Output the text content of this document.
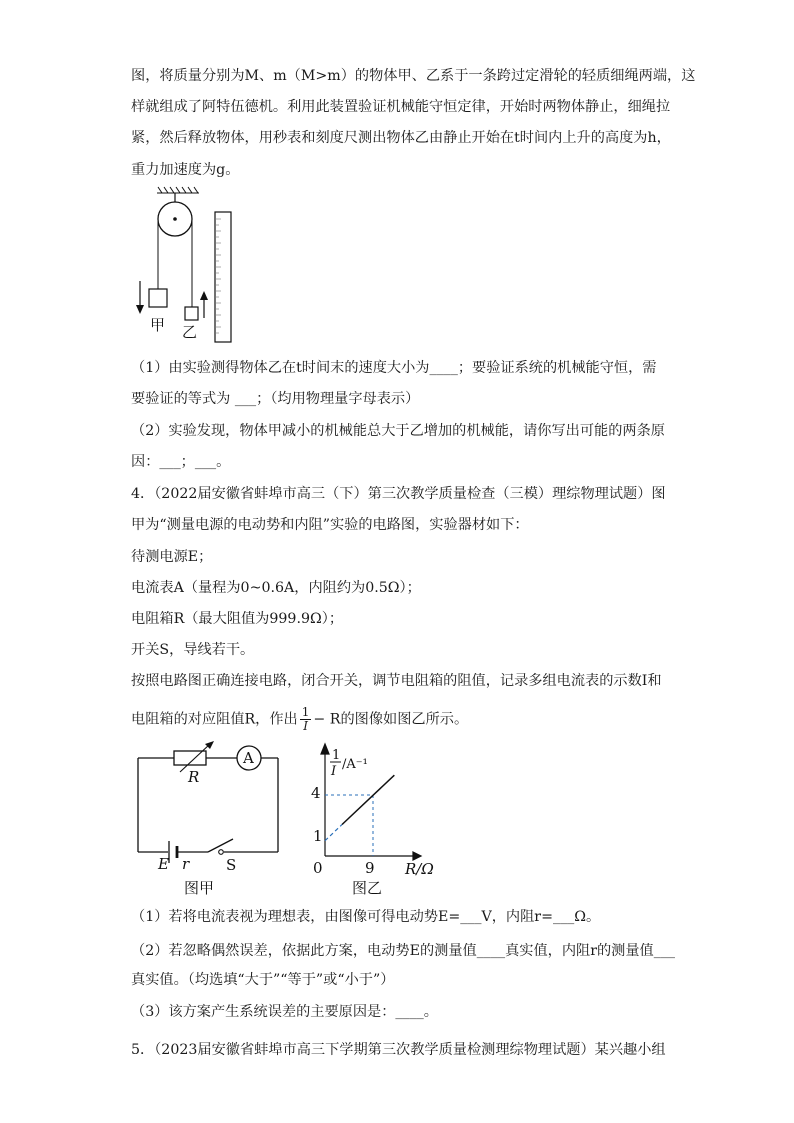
图，将质量分别为M、m（M>m）的物体甲、乙系于一条跨过定滑轮的轻质细绳两端，这
样就组成了阿特伍德机。利用此装置验证机械能守恒定律，开始时两物体静止，细绳拉
紧，然后释放物体，用秒表和刻度尺测出物体乙由静止开始在t时间内上升的高度为h，
重力加速度为g。
甲 乙
（1）由实验测得物体乙在t时间末的速度大小为____；要验证系统的机械能守恒，需
要验证的等式为 ___；（均用物理量字母表示）
（2）实验发现，物体甲减小的机械能总大于乙增加的机械能，请你写出可能的两条原
因：___；___。
4．（2022届安徽省蚌埠市高三（下）第三次教学质量检查（三模）理综物理试题）图
甲为“测量电源的电动势和内阻”实验的电路图，实验器材如下：
待测电源E；
电流表A（量程为0~0.6A，内阻约为0.5Ω）；
电阻箱R（最大阻值为999.9Ω）；
开关S，导线若干。
按照电路图正确连接电路，闭合开关，调节电阻箱的阻值，记录多组电流表的示数I和
电阻箱的对应阻值R，作出 $\frac{1}{I} - R$的图像如图乙所示。
A
R
E r S
图甲
1
I /A⁻¹
4
1
0	9 R/Ω
图乙
（1）若将电流表视为理想表，由图像可得电动势E=___V，内阻r=___Ω。
（2）若忽略偶然误差，依据此方案，电动势E的测量值____真实值，内阻r的测量值___
真实值。（均选填“大于”“等于”或“小于”）
（3）该方案产生系统误差的主要原因是：____。
5．（2023届安徽省蚌埠市高三下学期第三次教学质量检测理综物理试题）某兴趣小组
